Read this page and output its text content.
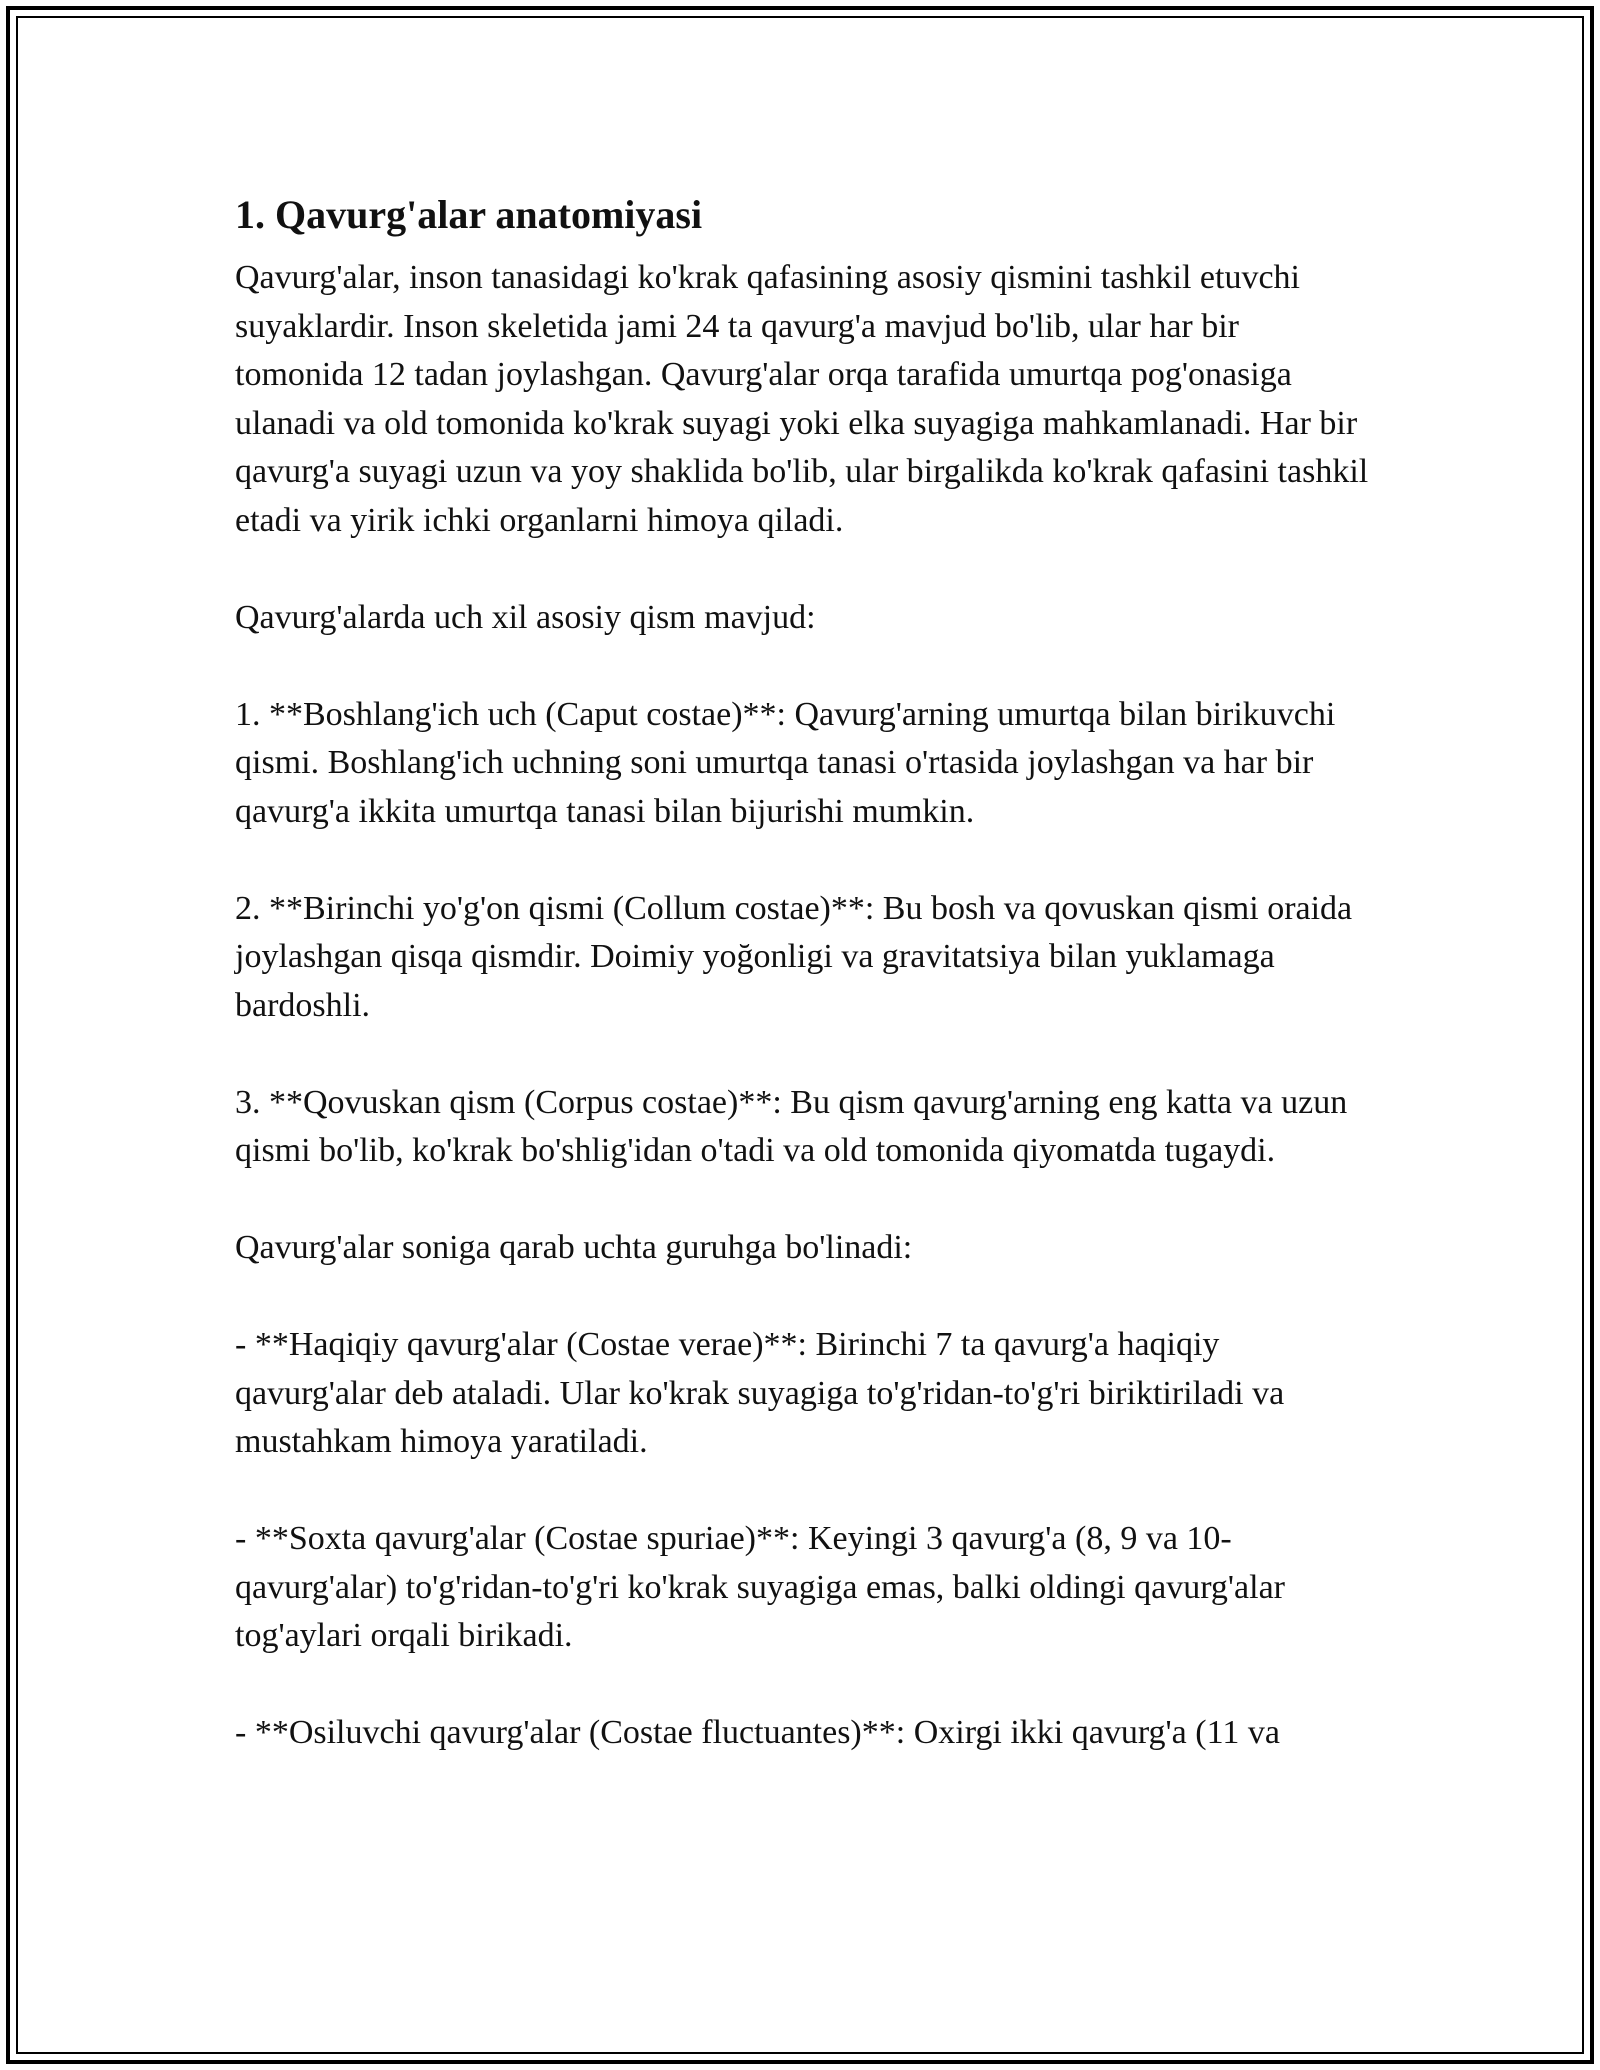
1. Qavurg'alar anatomiyasi

Qavurg'alar, inson tanasidagi ko'krak qafasining asosiy qismini tashkil etuvchi suyaklardir. Inson skeletida jami 24 ta qavurg'a mavjud bo'lib, ular har bir tomonida 12 tadan joylashgan. Qavurg'alar orqa tarafida umurtqa pog'onasiga ulanadi va old tomonida ko'krak suyagi yoki elka suyagiga mahkamlanadi. Har bir qavurg'a suyagi uzun va yoy shaklida bo'lib, ular birgalikda ko'krak qafasini tashkil etadi va yirik ichki organlarni himoya qiladi.

Qavurg'alarda uch xil asosiy qism mavjud:

1. **Boshlang'ich uch (Caput costae)**: Qavurg'arning umurtqa bilan birikuvchi qismi. Boshlang'ich uchning soni umurtqa tanasi o'rtasida joylashgan va har bir qavurg'a ikkita umurtqa tanasi bilan bijurishi mumkin.

2. **Birinchi yo'g'on qismi (Collum costae)**: Bu bosh va qovuskan qismi oraida joylashgan qisqa qismdir. Doimiy yoğonligi va gravitatsiya bilan yuklamaga bardoshli.

3. **Qovuskan qism (Corpus costae)**: Bu qism qavurg'arning eng katta va uzun qismi bo'lib, ko'krak bo'shlig'idan o'tadi va old tomonida qiyomatda tugaydi.

Qavurg'alar soniga qarab uchta guruhga bo'linadi:

- **Haqiqiy qavurg'alar (Costae verae)**: Birinchi 7 ta qavurg'a haqiqiy qavurg'alar deb ataladi. Ular ko'krak suyagiga to'g'ridan-to'g'ri biriktiriladi va mustahkam himoya yaratiladi.

- **Soxta qavurg'alar (Costae spuriae)**: Keyingi 3 qavurg'a (8, 9 va 10-qavurg'alar) to'g'ridan-to'g'ri ko'krak suyagiga emas, balki oldingi qavurg'alar tog'aylari orqali birikadi.

- **Osiluvchi qavurg'alar (Costae fluctuantes)**: Oxirgi ikki qavurg'a (11 va
